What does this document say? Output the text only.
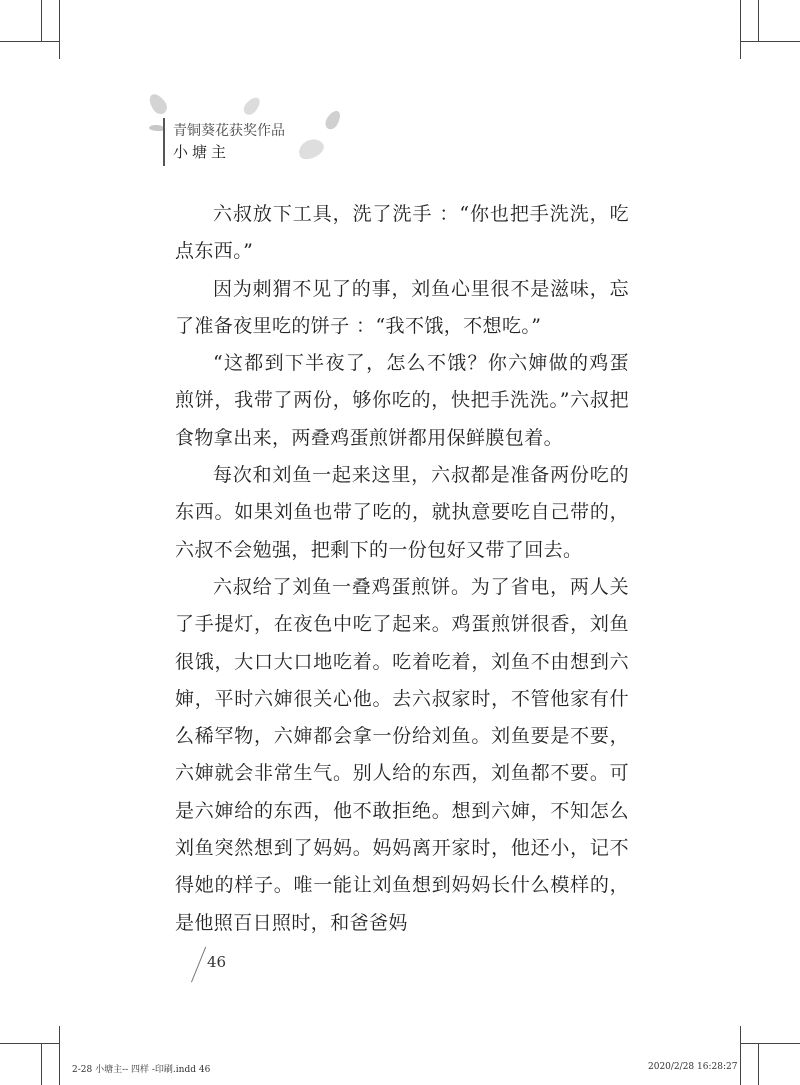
青铜葵花获奖作品
小塘主

六叔放下工具，洗了洗手 ：“你也把手洗洗，吃点东西。”

因为刺猬不见了的事，刘鱼心里很不是滋味，忘了准备夜里吃的饼子 ：“我不饿，不想吃。”

“这都到下半夜了，怎么不饿？你六婶做的鸡蛋煎饼，我带了两份，够你吃的，快把手洗洗。”六叔把食物拿出来，两叠鸡蛋煎饼都用保鲜膜包着。

每次和刘鱼一起来这里，六叔都是准备两份吃的东西。如果刘鱼也带了吃的，就执意要吃自己带的，六叔不会勉强，把剩下的一份包好又带了回去。

六叔给了刘鱼一叠鸡蛋煎饼。为了省电，两人关了手提灯，在夜色中吃了起来。鸡蛋煎饼很香，刘鱼很饿，大口大口地吃着。吃着吃着，刘鱼不由想到六婶，平时六婶很关心他。去六叔家时，不管他家有什么稀罕物，六婶都会拿一份给刘鱼。刘鱼要是不要，六婶就会非常生气。别人给的东西，刘鱼都不要。可是六婶给的东西，他不敢拒绝。想到六婶，不知怎么刘鱼突然想到了妈妈。妈妈离开家时，他还小，记不得她的样子。唯一能让刘鱼想到妈妈长什么模样的，是他照百日照时，和爸爸妈

46
2-28 小塘主-- 四样 -印刷.indd 46	2020/2/28 16:28:27
